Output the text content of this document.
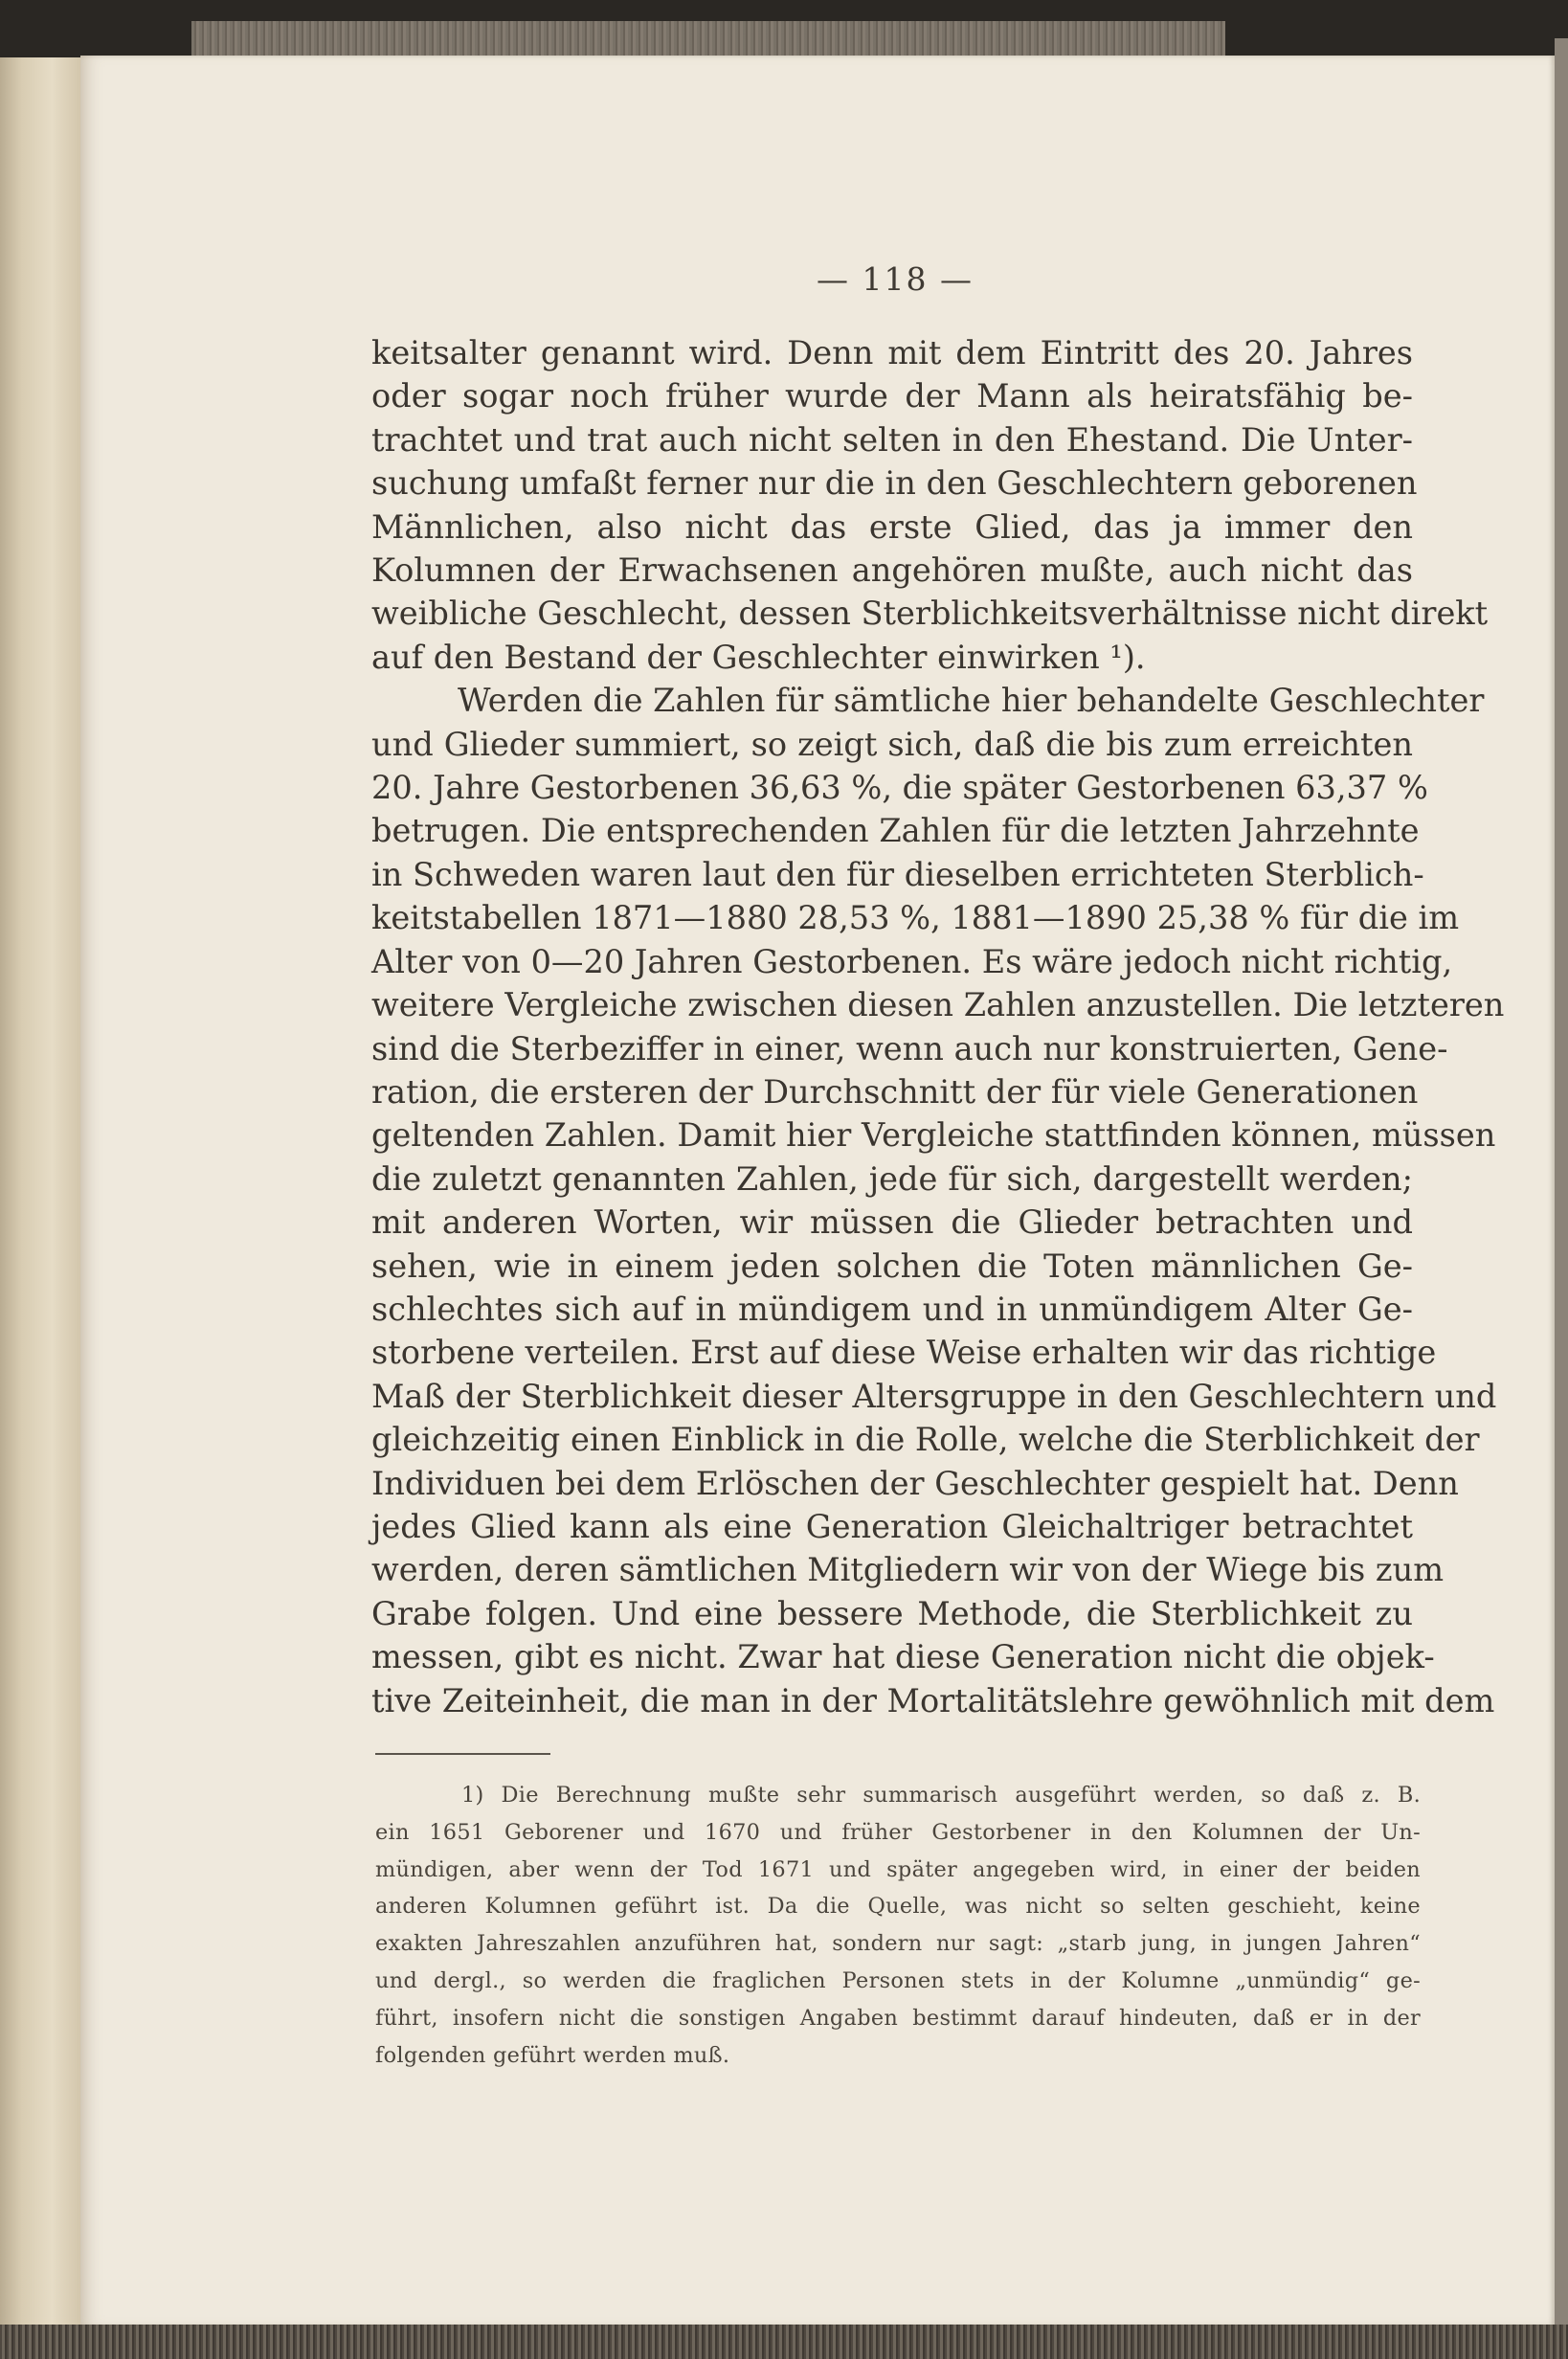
— 118 —
keitsalter genannt wird. Denn mit dem Eintritt des 20. Jahres
oder sogar noch früher wurde der Mann als heiratsfähig be-
trachtet und trat auch nicht selten in den Ehestand. Die Unter-
suchung umfaßt ferner nur die in den Geschlechtern geborenen
Männlichen, also nicht das erste Glied, das ja immer den
Kolumnen der Erwachsenen angehören mußte, auch nicht das
weibliche Geschlecht, dessen Sterblichkeitsverhältnisse nicht direkt
auf den Bestand der Geschlechter einwirken ¹).
Werden die Zahlen für sämtliche hier behandelte Geschlechter
und Glieder summiert, so zeigt sich, daß die bis zum erreichten
20. Jahre Gestorbenen 36,63 %, die später Gestorbenen 63,37 %
betrugen. Die entsprechenden Zahlen für die letzten Jahrzehnte
in Schweden waren laut den für dieselben errichteten Sterblich-
keitstabellen 1871—1880 28,53 %, 1881—1890 25,38 % für die im
Alter von 0—20 Jahren Gestorbenen. Es wäre jedoch nicht richtig,
weitere Vergleiche zwischen diesen Zahlen anzustellen. Die letzteren
sind die Sterbeziffer in einer, wenn auch nur konstruierten, Gene-
ration, die ersteren der Durchschnitt der für viele Generationen
geltenden Zahlen. Damit hier Vergleiche stattfinden können, müssen
die zuletzt genannten Zahlen, jede für sich, dargestellt werden;
mit anderen Worten, wir müssen die Glieder betrachten und
sehen, wie in einem jeden solchen die Toten männlichen Ge-
schlechtes sich auf in mündigem und in unmündigem Alter Ge-
storbene verteilen. Erst auf diese Weise erhalten wir das richtige
Maß der Sterblichkeit dieser Altersgruppe in den Geschlechtern und
gleichzeitig einen Einblick in die Rolle, welche die Sterblichkeit der
Individuen bei dem Erlöschen der Geschlechter gespielt hat. Denn
jedes Glied kann als eine Generation Gleichaltriger betrachtet
werden, deren sämtlichen Mitgliedern wir von der Wiege bis zum
Grabe folgen. Und eine bessere Methode, die Sterblichkeit zu
messen, gibt es nicht. Zwar hat diese Generation nicht die objek-
tive Zeiteinheit, die man in der Mortalitätslehre gewöhnlich mit dem
1) Die Berechnung mußte sehr summarisch ausgeführt werden, so daß z. B.
ein 1651 Geborener und 1670 und früher Gestorbener in den Kolumnen der Un-
mündigen, aber wenn der Tod 1671 und später angegeben wird, in einer der beiden
anderen Kolumnen geführt ist. Da die Quelle, was nicht so selten geschieht, keine
exakten Jahreszahlen anzuführen hat, sondern nur sagt: „starb jung, in jungen Jahren“
und dergl., so werden die fraglichen Personen stets in der Kolumne „unmündig“ ge-
führt, insofern nicht die sonstigen Angaben bestimmt darauf hindeuten, daß er in der
folgenden geführt werden muß.
